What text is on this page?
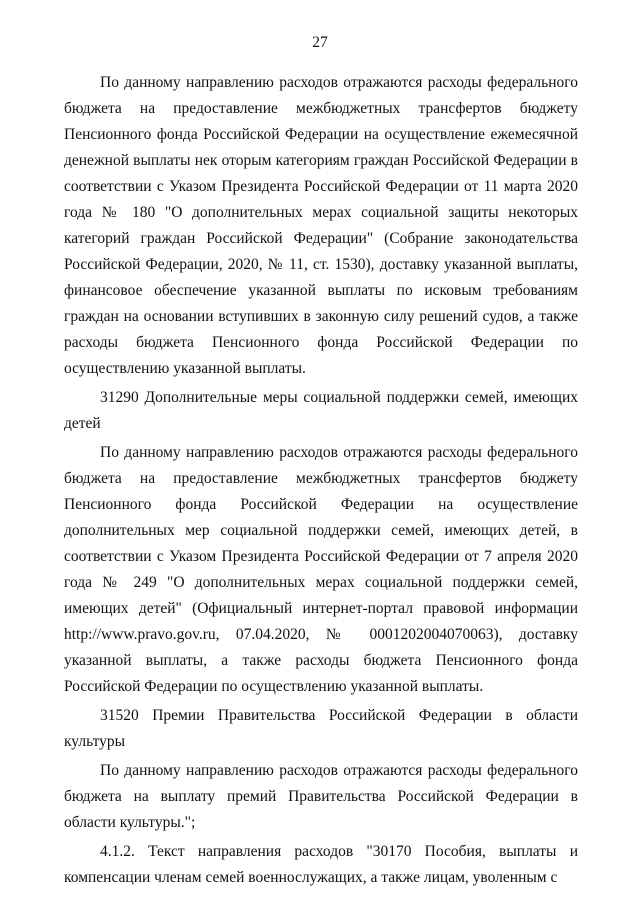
27

По данному направлению расходов отражаются расходы федерального бюджета на предоставление межбюджетных трансфертов бюджету Пенсионного фонда Российской Федерации на осуществление ежемесячной денежной выплаты нек оторым категориям граждан Российской Федерации в соответствии с Указом Президента Российской Федерации от 11 марта 2020 года № 180 "О дополнительных мерах социальной защиты некоторых категорий граждан Российской Федерации" (Собрание законодательства Российской Федерации, 2020, № 11, ст. 1530), доставку указанной выплаты, финансовое обеспечение указанной выплаты по исковым требованиям граждан на основании вступивших в законную силу решений судов, а также расходы бюджета Пенсионного фонда Российской Федерации по осуществлению указанной выплаты.

31290 Дополнительные меры социальной поддержки семей, имеющих детей

По данному направлению расходов отражаются расходы федерального бюджета на предоставление межбюджетных трансфертов бюджету Пенсионного фонда Российской Федерации на осуществление дополнительных мер социальной поддержки семей, имеющих детей, в соответствии с Указом Президента Российской Федерации от 7 апреля 2020 года № 249 "О дополнительных мерах социальной поддержки семей, имеющих детей" (Официальный интернет-портал правовой информации http://www.pravo.gov.ru, 07.04.2020, № 0001202004070063), доставку указанной выплаты, а также расходы бюджета Пенсионного фонда Российской Федерации по осуществлению указанной выплаты.

31520 Премии Правительства Российской Федерации в области культуры

По данному направлению расходов отражаются расходы федерального бюджета на выплату премий Правительства Российской Федерации в области культуры.";

4.1.2. Текст направления расходов "30170 Пособия, выплаты и компенсации членам семей военнослужащих, а также лицам, уволенным с
